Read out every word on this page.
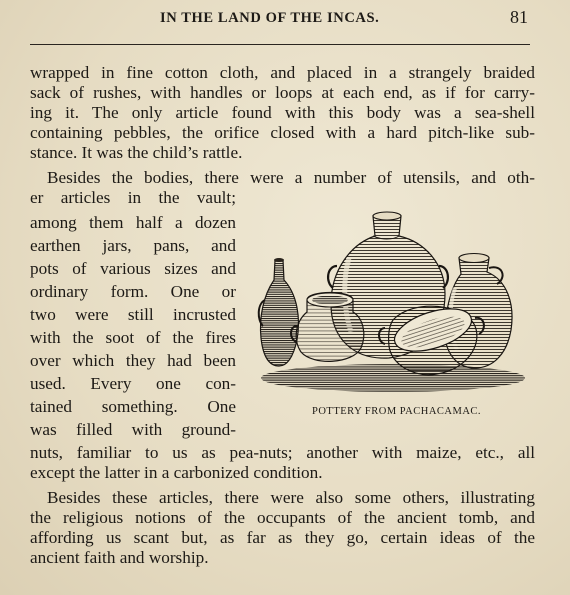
IN THE LAND OF THE INCAS.	81
wrapped in fine cotton cloth, and placed in a strangely braided
sack of rushes, with handles or loops at each end, as if for carry-
ing it. The only article found with this body was a sea-shell
containing pebbles, the orifice closed with a hard pitch-like sub-
stance. It was the child’s rattle.
Besides the bodies, there were a number of utensils, and oth-
er articles in the vault;
among them half a dozen
earthen jars, pans, and
pots of various sizes and
ordinary form. One or
two were still incrusted
with the soot of the fires
over which they had been
used. Every one con-
tained something. One
was filled with ground-
nuts, familiar to us as pea-nuts; another with maize, etc., all
except the latter in a carbonized condition.
Besides these articles, there were also some others, illustrating
the religious notions of the occupants of the ancient tomb, and
affording us scant but, as far as they go, certain ideas of the
ancient faith and worship.
POTTERY FROM PACHACAMAC.
